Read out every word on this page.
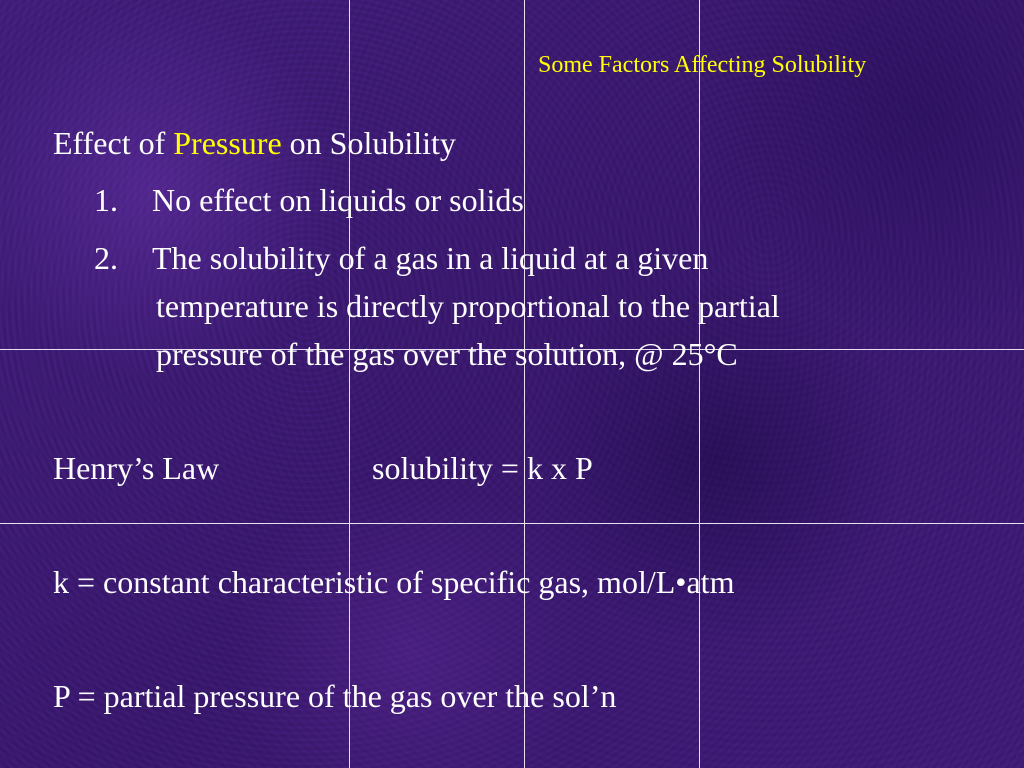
Some Factors Affecting Solubility
Effect of Pressure on Solubility
1. No effect on liquids or solids
2. The solubility of a gas in a liquid at a given
temperature is directly proportional to the partial
pressure of the gas over the solution, @ 25°C
Henry’s Law	solubility = k x P
k = constant characteristic of specific gas, mol/L•atm
P = partial pressure of the gas over the sol’n
